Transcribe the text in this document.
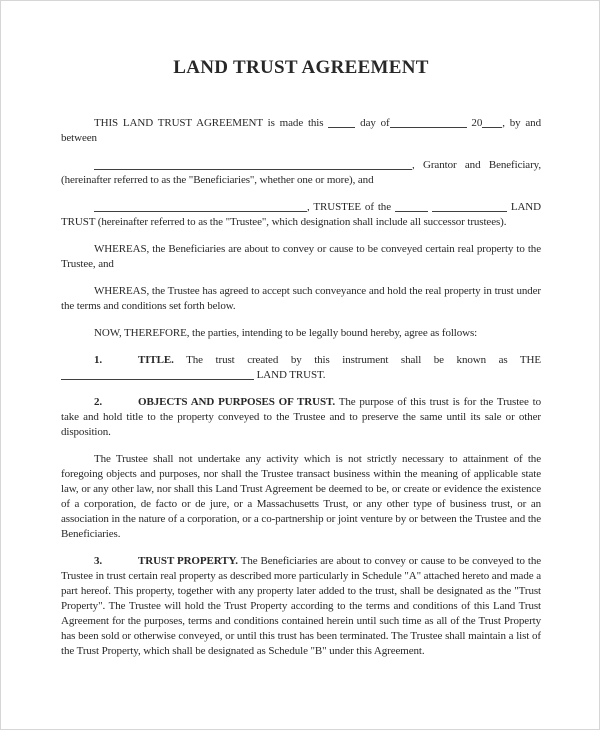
LAND TRUST AGREEMENT

THIS LAND TRUST AGREEMENT is made this  day of	20 , by and between

, Grantor and Beneficiary, (hereinafter referred to as the "Beneficiaries", whether one or more), and

, TRUSTEE of the	LAND TRUST (hereinafter referred to as the "Trustee", which designation shall include all successor trustees).

WHEREAS, the Beneficiaries are about to convey or cause to be conveyed certain real property to the Trustee, and

WHEREAS, the Trustee has agreed to accept such conveyance and hold the real property in trust under the terms and conditions set forth below.

NOW, THEREFORE, the parties, intending to be legally bound hereby, agree as follows:

1.	TITLE. The trust created by this instrument shall be known as THE  LAND TRUST.

2.	OBJECTS AND PURPOSES OF TRUST. The purpose of this trust is for the Trustee to take and hold title to the property conveyed to the Trustee and to preserve the same until its sale or other disposition.

The Trustee shall not undertake any activity which is not strictly necessary to attainment of the foregoing objects and purposes, nor shall the Trustee transact business within the meaning of applicable state law, or any other law, nor shall this Land Trust Agreement be deemed to be, or create or evidence the existence of a corporation, de facto or de jure, or a Massachusetts Trust, or any other type of business trust, or an association in the nature of a corporation, or a co-partnership or joint venture by or between the Trustee and the Beneficiaries.

3.	TRUST PROPERTY. The Beneficiaries are about to convey or cause to be conveyed to the Trustee in trust certain real property as described more particularly in Schedule "A" attached hereto and made a part hereof. This property, together with any property later added to the trust, shall be designated as the "Trust Property". The Trustee will hold the Trust Property according to the terms and conditions of this Land Trust Agreement for the purposes, terms and conditions contained herein until such time as all of the Trust Property has been sold or otherwise conveyed, or until this trust has been terminated. The Trustee shall maintain a list of the Trust Property, which shall be designated as Schedule "B" under this Agreement.
